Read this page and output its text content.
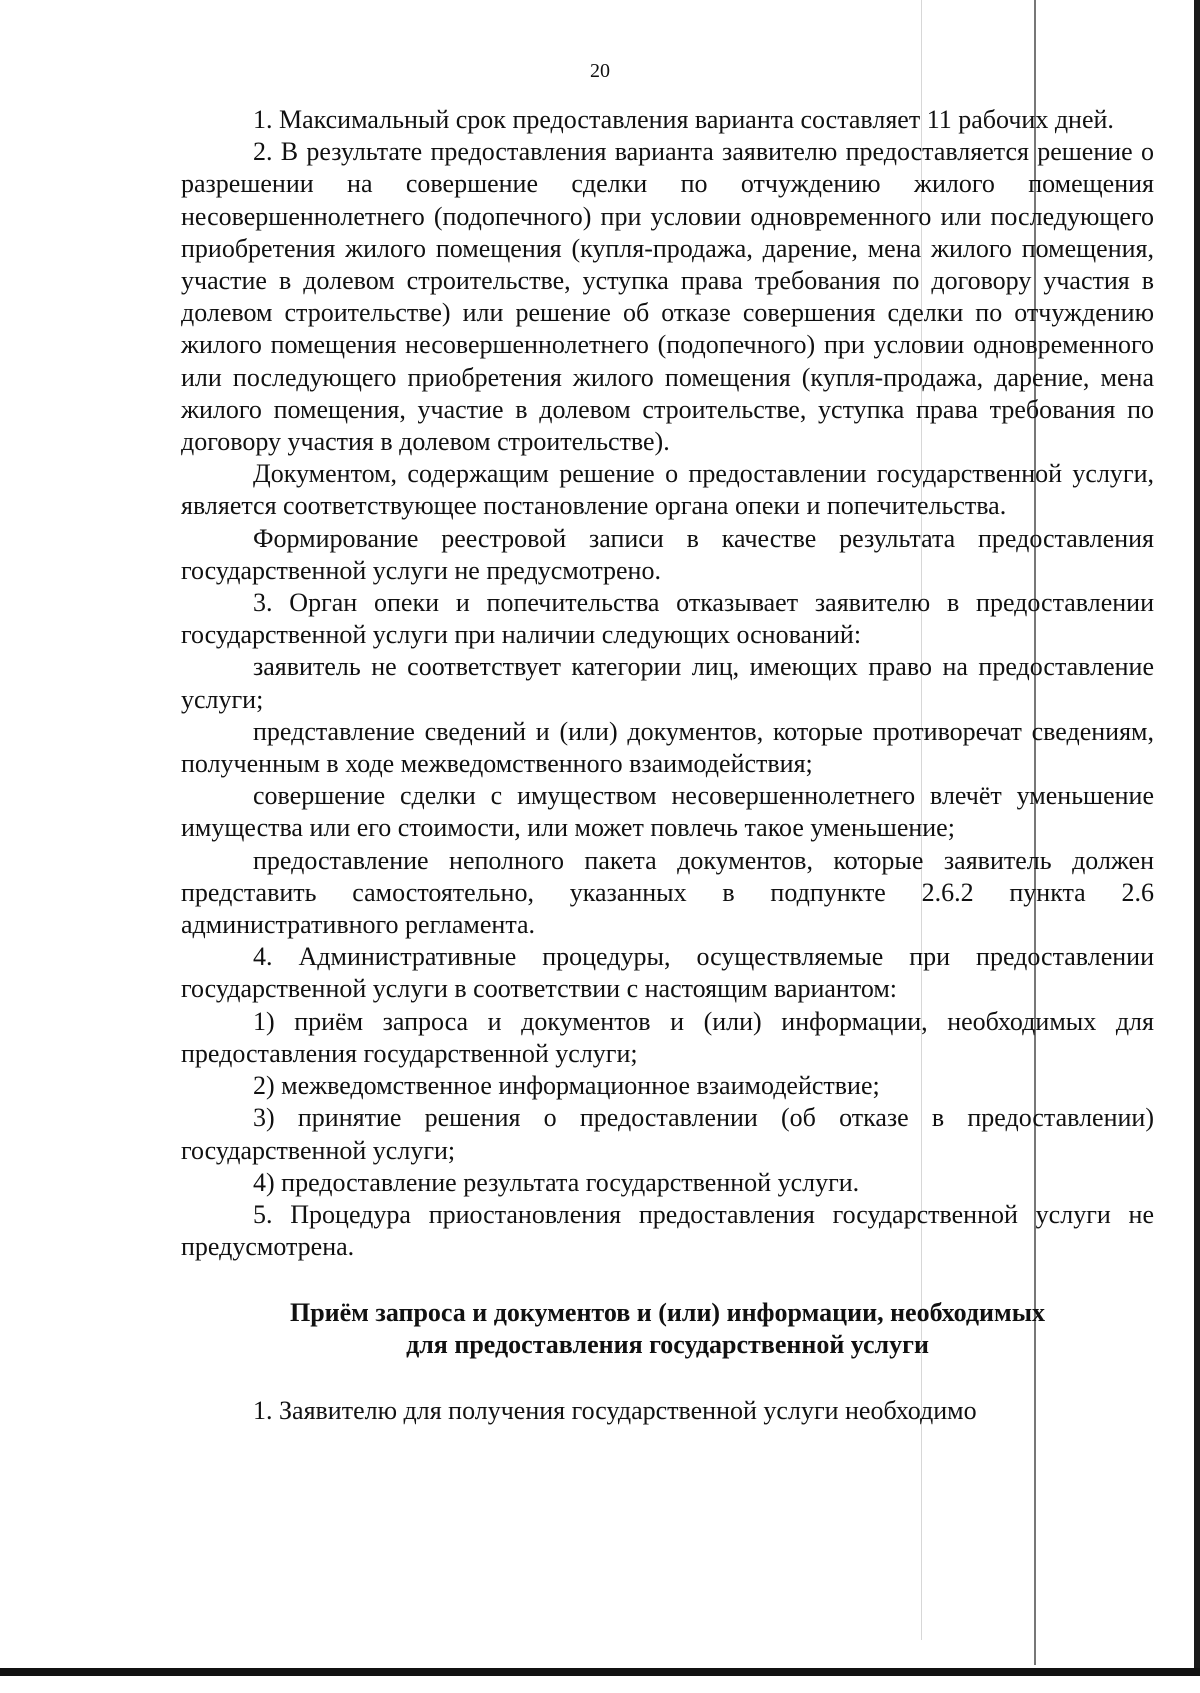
20

1. Максимальный срок предоставления варианта составляет 11 рабочих дней.

2. В результате предоставления варианта заявителю предоставляется решение о разрешении на совершение сделки по отчуждению жилого помещения несовершеннолетнего (подопечного) при условии одновременного или последующего приобретения жилого помещения (купля-продажа, дарение, мена жилого помещения, участие в долевом строительстве, уступка права требования по договору участия в долевом строительстве) или решение об отказе совершения сделки по отчуждению жилого помещения несовершеннолетнего (подопечного) при условии одновременного или последующего приобретения жилого помещения (купля-продажа, дарение, мена жилого помещения, участие в долевом строительстве, уступка права требования по договору участия в долевом строительстве).

Документом, содержащим решение о предоставлении государственной услуги, является соответствующее постановление органа опеки и попечительства.

Формирование реестровой записи в качестве результата предоставления государственной услуги не предусмотрено.

3. Орган опеки и попечительства отказывает заявителю в предоставлении государственной услуги при наличии следующих оснований:

заявитель не соответствует категории лиц, имеющих право на предоставление услуги;

представление сведений и (или) документов, которые противоречат сведениям, полученным в ходе межведомственного взаимодействия;

совершение сделки с имуществом несовершеннолетнего влечёт уменьшение имущества или его стоимости, или может повлечь такое уменьшение;

предоставление неполного пакета документов, которые заявитель должен представить самостоятельно, указанных в подпункте 2.6.2 пункта 2.6 административного регламента.

4. Административные процедуры, осуществляемые при предоставлении государственной услуги в соответствии с настоящим вариантом:

1) приём запроса и документов и (или) информации, необходимых для предоставления государственной услуги;

2) межведомственное информационное взаимодействие;

3) принятие решения о предоставлении (об отказе в предоставлении) государственной услуги;

4) предоставление результата государственной услуги.

5. Процедура приостановления предоставления государственной услуги не предусмотрена.

Приём запроса и документов и (или) информации, необходимых
для предоставления государственной услуги

1. Заявителю для получения государственной услуги необходимо
